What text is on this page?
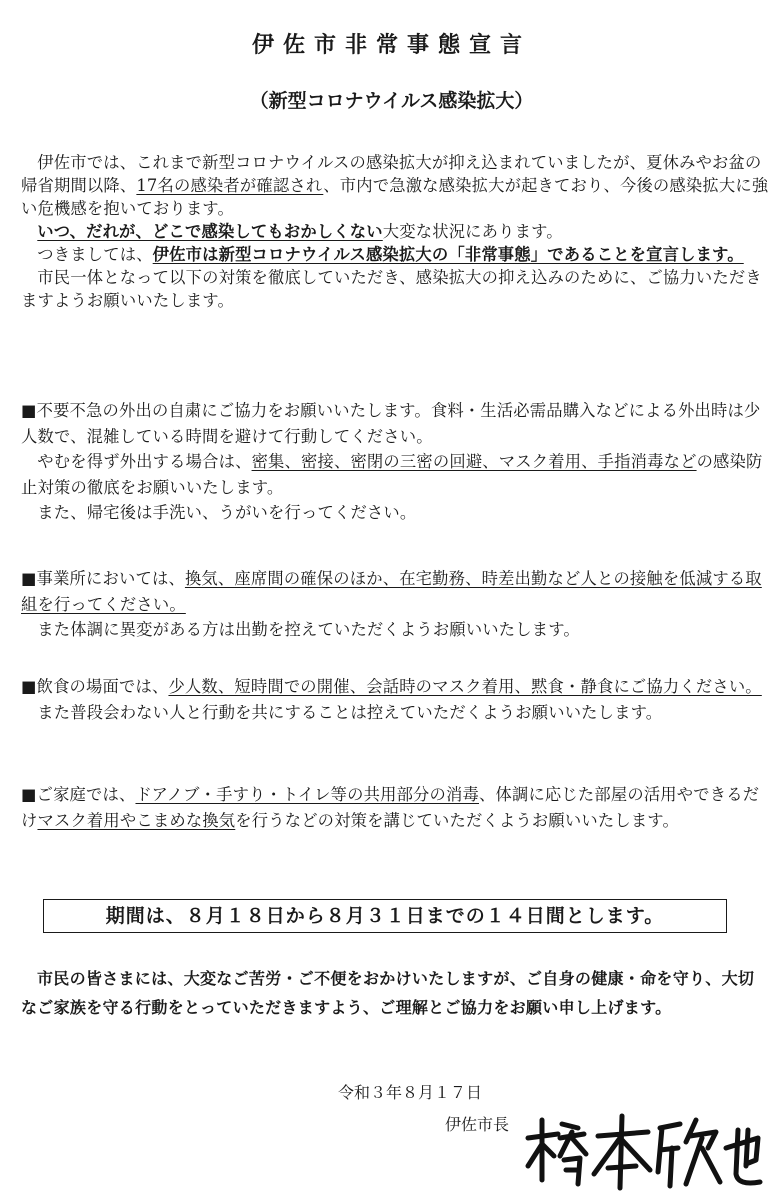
伊佐市非常事態宣言
（新型コロナウイルス感染拡大）

伊佐市では、これまで新型コロナウイルスの感染拡大が抑え込まれていましたが、夏休みやお盆の帰省期間以降、17名の感染者が確認され、市内で急激な感染拡大が起きており、今後の感染拡大に強い危機感を抱いております。

いつ、だれが、どこで感染してもおかしくない大変な状況にあります。

つきましては、伊佐市は新型コロナウイルス感染拡大の「非常事態」であることを宣言します。

市民一体となって以下の対策を徹底していただき、感染拡大の抑え込みのために、ご協力いただきますようお願いいたします。

■不要不急の外出の自粛にご協力をお願いいたします。食料・生活必需品購入などによる外出時は少人数で、混雑している時間を避けて行動してください。

やむを得ず外出する場合は、密集、密接、密閉の三密の回避、マスク着用、手指消毒などの感染防止対策の徹底をお願いいたします。

また、帰宅後は手洗い、うがいを行ってください。

■事業所においては、換気、座席間の確保のほか、在宅勤務、時差出勤など人との接触を低減する取組を行ってください。

また体調に異変がある方は出勤を控えていただくようお願いいたします。

■飲食の場面では、少人数、短時間での開催、会話時のマスク着用、黙食・静食にご協力ください。

また普段会わない人と行動を共にすることは控えていただくようお願いいたします。

■ご家庭では、ドアノブ・手すり・トイレ等の共用部分の消毒、体調に応じた部屋の活用やできるだけマスク着用やこまめな換気を行うなどの対策を講じていただくようお願いいたします。

期間は、８月１８日から８月３１日までの１４日間とします。

市民の皆さまには、大変なご苦労・ご不便をおかけいたしますが、ご自身の健康・命を守り、大切なご家族を守る行動をとっていただきますよう、ご理解とご協力をお願い申し上げます。

令和３年８月１７日
伊佐市長
